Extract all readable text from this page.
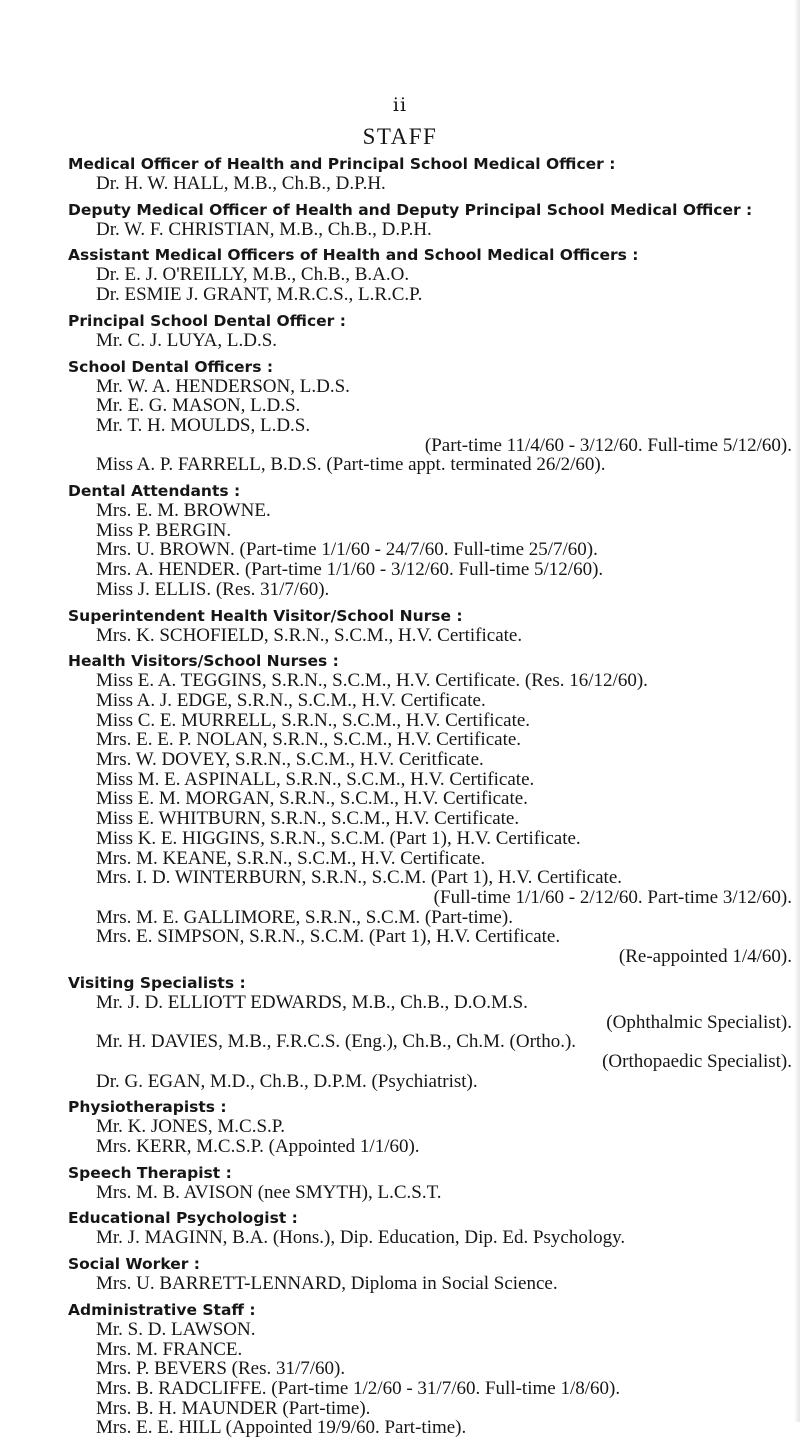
ii
STAFF
Medical Officer of Health and Principal School Medical Officer :
Dr. H. W. HALL, M.B., Ch.B., D.P.H.
Deputy Medical Officer of Health and Deputy Principal School Medical Officer :
Dr. W. F. CHRISTIAN, M.B., Ch.B., D.P.H.
Assistant Medical Officers of Health and School Medical Officers :
Dr. E. J. O'REILLY, M.B., Ch.B., B.A.O.
Dr. ESMIE J. GRANT, M.R.C.S., L.R.C.P.
Principal School Dental Officer :
Mr. C. J. LUYA, L.D.S.
School Dental Officers :
Mr. W. A. HENDERSON, L.D.S.
Mr. E. G. MASON, L.D.S.
Mr. T. H. MOULDS, L.D.S.
(Part-time 11/4/60 - 3/12/60. Full-time 5/12/60).
Miss A. P. FARRELL, B.D.S. (Part-time appt. terminated 26/2/60).
Dental Attendants :
Mrs. E. M. BROWNE.
Miss P. BERGIN.
Mrs. U. BROWN. (Part-time 1/1/60 - 24/7/60. Full-time 25/7/60).
Mrs. A. HENDER. (Part-time 1/1/60 - 3/12/60. Full-time 5/12/60).
Miss J. ELLIS. (Res. 31/7/60).
Superintendent Health Visitor/School Nurse :
Mrs. K. SCHOFIELD, S.R.N., S.C.M., H.V. Certificate.
Health Visitors/School Nurses :
Miss E. A. TEGGINS, S.R.N., S.C.M., H.V. Certificate. (Res. 16/12/60).
Miss A. J. EDGE, S.R.N., S.C.M., H.V. Certificate.
Miss C. E. MURRELL, S.R.N., S.C.M., H.V. Certificate.
Mrs. E. E. P. NOLAN, S.R.N., S.C.M., H.V. Certificate.
Mrs. W. DOVEY, S.R.N., S.C.M., H.V. Ceritficate.
Miss M. E. ASPINALL, S.R.N., S.C.M., H.V. Certificate.
Miss E. M. MORGAN, S.R.N., S.C.M., H.V. Certificate.
Miss E. WHITBURN, S.R.N., S.C.M., H.V. Certificate.
Miss K. E. HIGGINS, S.R.N., S.C.M. (Part 1), H.V. Certificate.
Mrs. M. KEANE, S.R.N., S.C.M., H.V. Certificate.
Mrs. I. D. WINTERBURN, S.R.N., S.C.M. (Part 1), H.V. Certificate.
(Full-time 1/1/60 - 2/12/60. Part-time 3/12/60).
Mrs. M. E. GALLIMORE, S.R.N., S.C.M. (Part-time).
Mrs. E. SIMPSON, S.R.N., S.C.M. (Part 1), H.V. Certificate.
(Re-appointed 1/4/60).
Visiting Specialists :
Mr. J. D. ELLIOTT EDWARDS, M.B., Ch.B., D.O.M.S.
(Ophthalmic Specialist).
Mr. H. DAVIES, M.B., F.R.C.S. (Eng.), Ch.B., Ch.M. (Ortho.).
(Orthopaedic Specialist).
Dr. G. EGAN, M.D., Ch.B., D.P.M. (Psychiatrist).
Physiotherapists :
Mr. K. JONES, M.C.S.P.
Mrs. KERR, M.C.S.P. (Appointed 1/1/60).
Speech Therapist :
Mrs. M. B. AVISON (nee SMYTH), L.C.S.T.
Educational Psychologist :
Mr. J. MAGINN, B.A. (Hons.), Dip. Education, Dip. Ed. Psychology.
Social Worker :
Mrs. U. BARRETT-LENNARD, Diploma in Social Science.
Administrative Staff :
Mr. S. D. LAWSON.
Mrs. M. FRANCE.
Mrs. P. BEVERS (Res. 31/7/60).
Mrs. B. RADCLIFFE. (Part-time 1/2/60 - 31/7/60. Full-time 1/8/60).
Mrs. B. H. MAUNDER (Part-time).
Mrs. E. E. HILL (Appointed 19/9/60. Part-time).
